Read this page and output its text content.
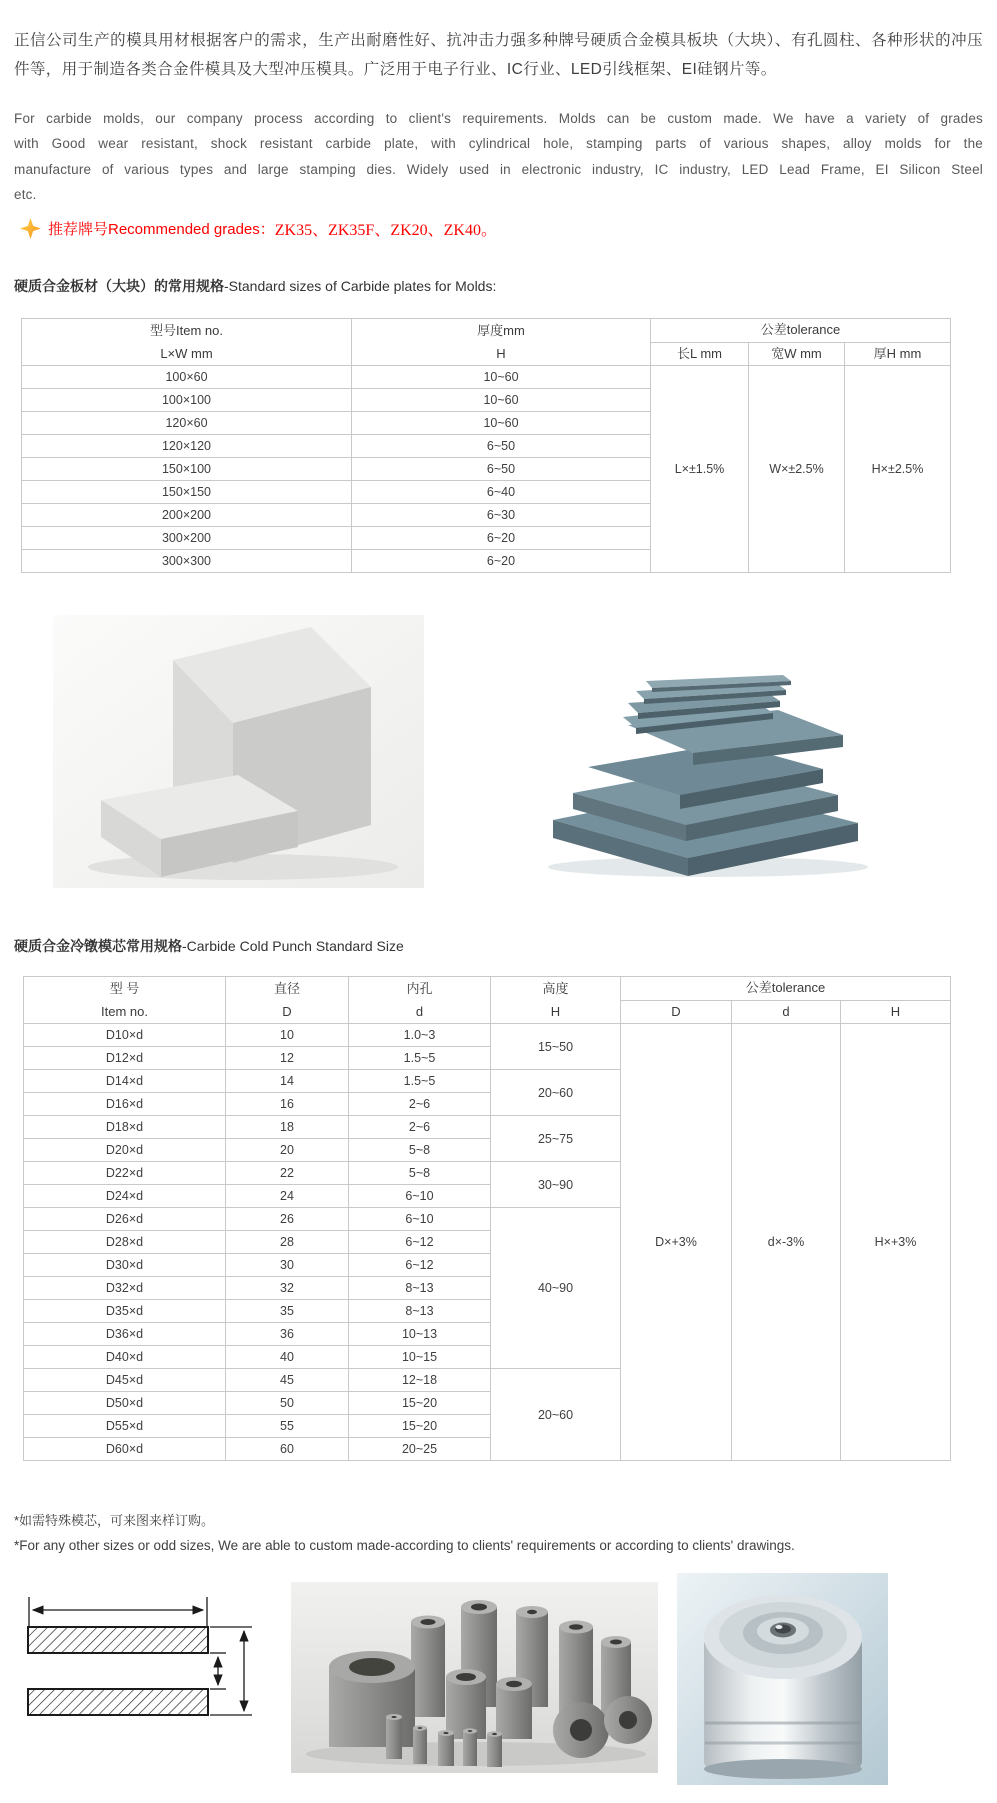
正信公司生产的模具用材根据客户的需求，生产出耐磨性好、抗冲击力强多种牌号硬质合金模具板块（大块）、有孔圆柱、各种形状的冲压件等，用于制造各类合金件模具及大型冲压模具。广泛用于电子行业、IC行业、LED引线框架、EI硅钢片等。

For carbide molds, our company process according to client's requirements. Molds can be custom made. We have a variety of grades with Good wear resistant, shock resistant carbide plate, with cylindrical hole, stamping parts of various shapes, alloy molds for the manufacture of various types and large stamping dies. Widely used in electronic industry, IC industry, LED Lead Frame, EI Silicon Steel etc.

推荐牌号Recommended grades： ZK35、ZK35F、ZK20、ZK40。
硬质合金板材（大块）的常用规格-Standard sizes of Carbide plates for Molds:
型号Item no.
L×W mm

厚度mm
H
	公差tolerance
		长L mm	宽W mm	厚H mm
100×60	10~60	L×±1.5%	W×±2.5%	H×±2.5%
100×100	10~60			
120×60	10~60			
120×120	6~50			
150×100	6~50			
150×150	6~40			
200×200	6~30			
300×200	6~20			
300×300	6~20			
硬质合金冷镦模芯常用规格-Carbide Cold Punch Standard Size
型 号
Item no.

直径
D

内孔
d

高度
H
	公差tolerance
				D	d	H
D10×d	10	1.0~3	15~50	D×+3%	d×-3%	H×+3%
D12×d	12	1.5~5				
D14×d	14	1.5~5	20~60			
D16×d	16	2~6				
D18×d	18	2~6	25~75			
D20×d	20	5~8				
D22×d	22	5~8	30~90			
D24×d	24	6~10				
D26×d	26	6~10	40~90			
D28×d	28	6~12				
D30×d	30	6~12				
D32×d	32	8~13				
D35×d	35	8~13				
D36×d	36	10~13				
D40×d	40	10~15				
D45×d	45	12~18	20~60			
D50×d	50	15~20				
D55×d	55	15~20				
D60×d	60	20~25				

*如需特殊模芯，可来图来样订购。

*For any other sizes or odd sizes, We are able to custom made-according to clients' requirements or according to clients' drawings.
